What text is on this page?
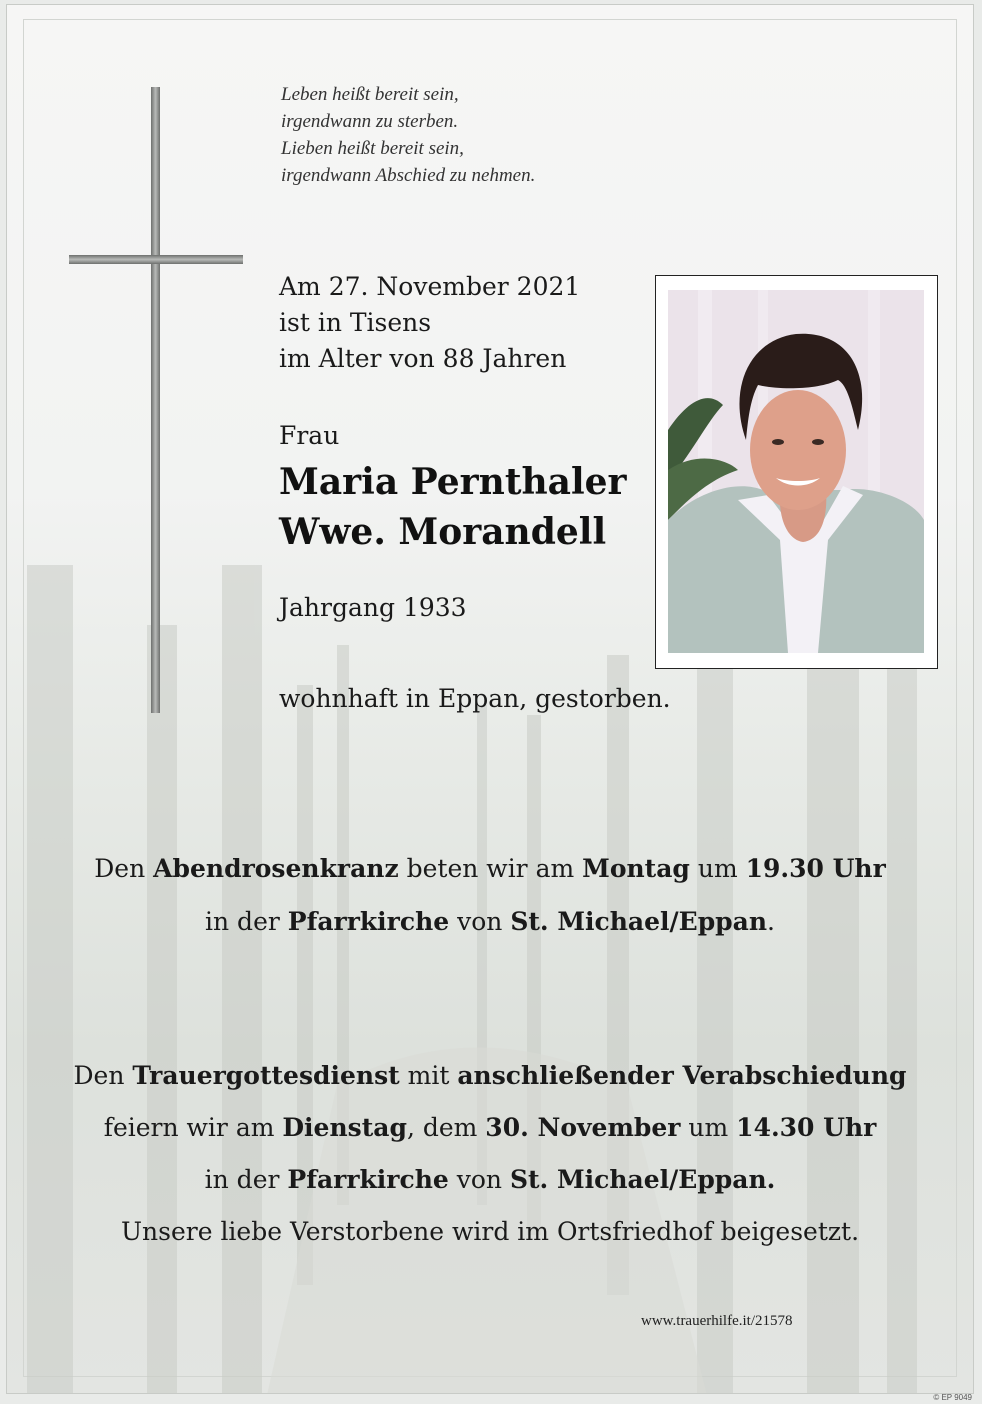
Leben heißt bereit sein,
irgendwann zu sterben.
Lieben heißt bereit sein,
irgendwann Abschied zu nehmen.
Am 27. November 2021
ist in Tisens
im Alter von 88 Jahren
Frau
Maria Pernthaler
Wwe. Morandell
Jahrgang 1933
wohnhaft in Eppan, gestorben.
Den Abendrosenkranz beten wir am Montag um 19.30 Uhr
in der Pfarrkirche von St. Michael/Eppan.
Den Trauergottesdienst mit anschließender Verabschiedung
feiern wir am Dienstag, dem 30. November um 14.30 Uhr
in der Pfarrkirche von St. Michael/Eppan.
Unsere liebe Verstorbene wird im Ortsfriedhof beigesetzt.
www.trauerhilfe.it/21578
© EP 9049
